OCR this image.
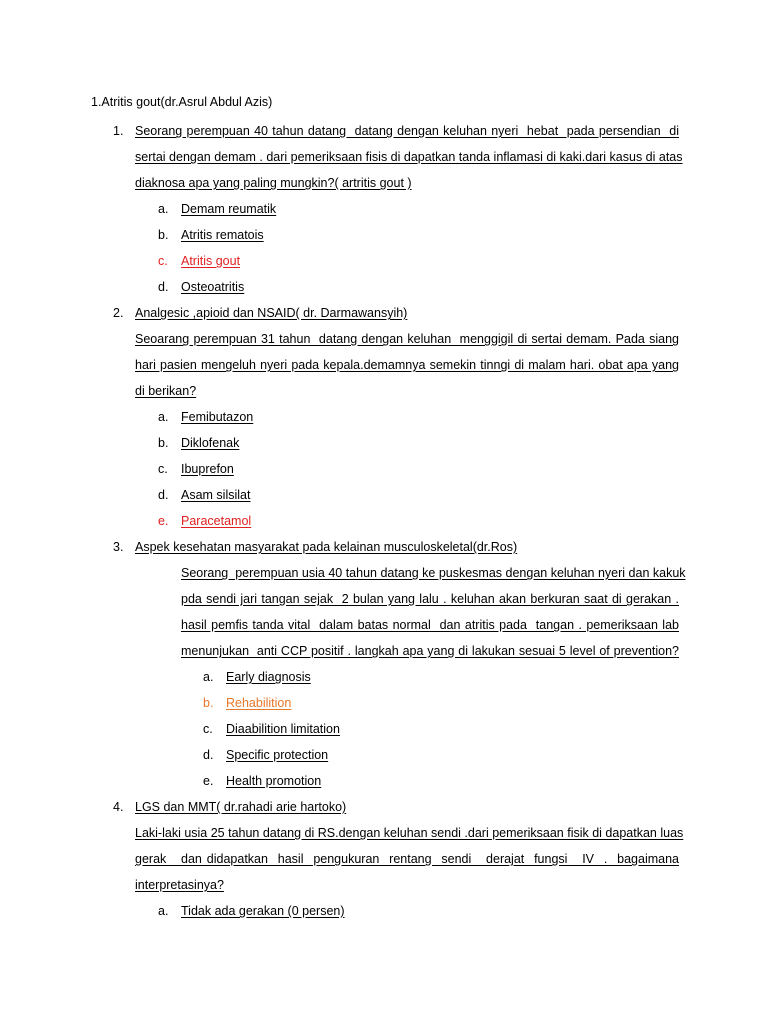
1.Atritis gout(dr.Asrul Abdul Azis)
1. Seorang perempuan 40 tahun datang  datang dengan keluhan nyeri  hebat  pada persendian  di
sertai dengan demam . dari pemeriksaan fisis di dapatkan tanda inflamasi di kaki.dari kasus di atas
diaknosa apa yang paling mungkin?( artritis gout )
a. Demam reumatik
b. Atritis rematois
c. Atritis gout
d. Osteoatritis
2. Analgesic ,apioid dan NSAID( dr. Darmawansyih)
Seoarang perempuan 31 tahun  datang dengan keluhan  menggigil di sertai demam. Pada siang
hari pasien mengeluh nyeri pada kepala.demamnya semekin tinngi di malam hari. obat apa yang
di berikan?
a. Femibutazon
b. Diklofenak
c. Ibuprefon
d. Asam silsilat
e. Paracetamol
3. Aspek kesehatan masyarakat pada kelainan musculoskeletal(dr.Ros)
Seorang  perempuan usia 40 tahun datang ke puskesmas dengan keluhan nyeri dan kakuk
pda sendi jari tangan sejak  2 bulan yang lalu . keluhan akan berkuran saat di gerakan .
hasil pemfis tanda vital  dalam batas normal  dan atritis pada  tangan . pemeriksaan lab
menunjukan  anti CCP positif . langkah apa yang di lakukan sesuai 5 level of prevention?
a. Early diagnosis
b. Rehabilition
c. Diaabilition limitation
d. Specific protection
e. Health promotion
4. LGS dan MMT( dr.rahadi arie hartoko)
Laki-laki usia 25 tahun datang di RS.dengan keluhan sendi .dari pemeriksaan fisik di dapatkan luas
gerak   dan didapatkan  hasil  pengukuran  rentang  sendi   derajat  fungsi   IV  .  bagaimana
interpretasinya?
a. Tidak ada gerakan (0 persen)
